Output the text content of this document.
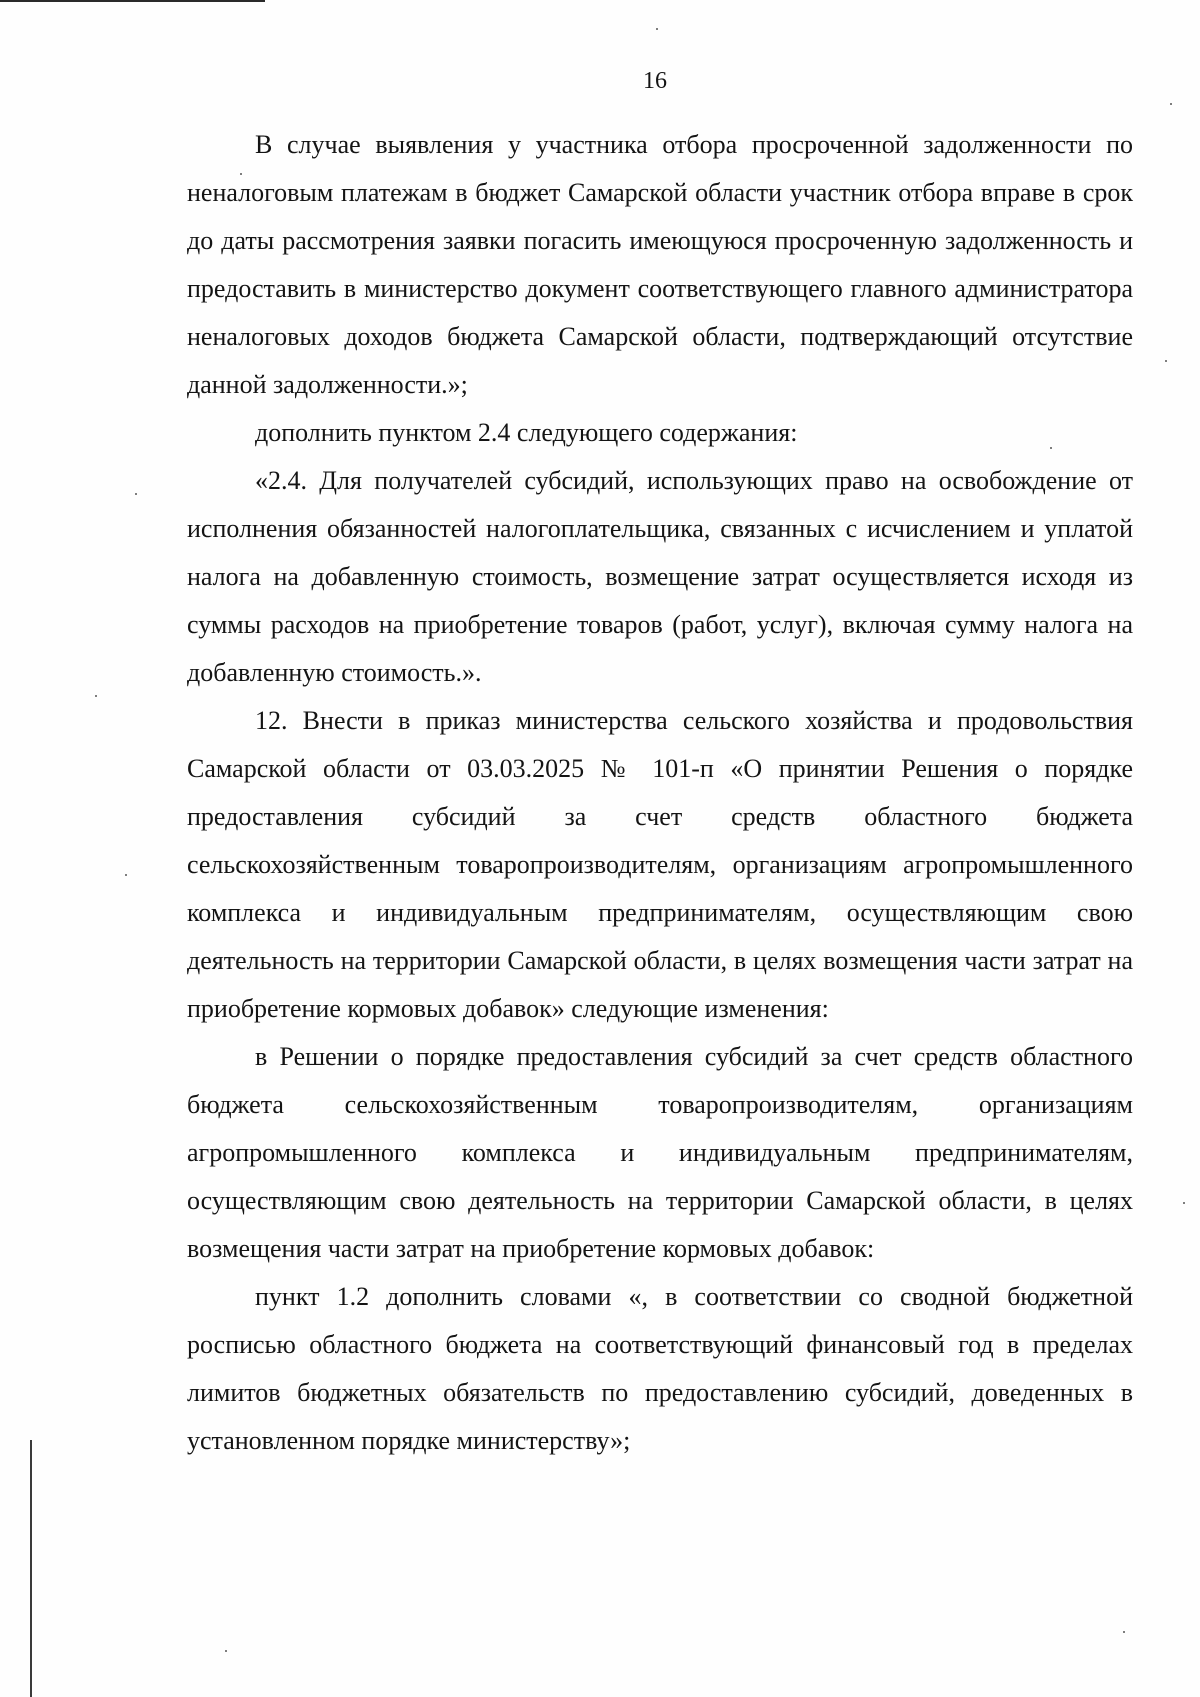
16

В случае выявления у участника отбора просроченной задолженности по неналоговым платежам в бюджет Самарской области участник отбора вправе в срок до даты рассмотрения заявки погасить имеющуюся просроченную задолженность и предоставить в министерство документ соответствующего главного администратора неналоговых доходов бюджета Самарской области, подтверждающий отсутствие данной задолженности.»;

дополнить пунктом 2.4 следующего содержания:

«2.4. Для получателей субсидий, использующих право на освобождение от исполнения обязанностей налогоплательщика, связанных с исчислением и уплатой налога на добавленную стоимость, возмещение затрат осуществляется исходя из суммы расходов на приобретение товаров (работ, услуг), включая сумму налога на добавленную стоимость.».

12. Внести в приказ министерства сельского хозяйства и продовольствия Самарской области от 03.03.2025 № 101-п «О принятии Решения о порядке предоставления субсидий за счет средств областного бюджета сельскохозяйственным товаропроизводителям, организациям агропромышленного комплекса и индивидуальным предпринимателям, осуществляющим свою деятельность на территории Самарской области, в целях возмещения части затрат на приобретение кормовых добавок» следующие изменения:

в Решении о порядке предоставления субсидий за счет средств областного бюджета сельскохозяйственным товаропроизводителям, организациям агропромышленного комплекса и индивидуальным предпринимателям, осуществляющим свою деятельность на территории Самарской области, в целях возмещения части затрат на приобретение кормовых добавок:

пункт 1.2 дополнить словами «, в соответствии со сводной бюджетной росписью областного бюджета на соответствующий финансовый год в пределах лимитов бюджетных обязательств по предоставлению субсидий, доведенных в установленном порядке министерству»;
